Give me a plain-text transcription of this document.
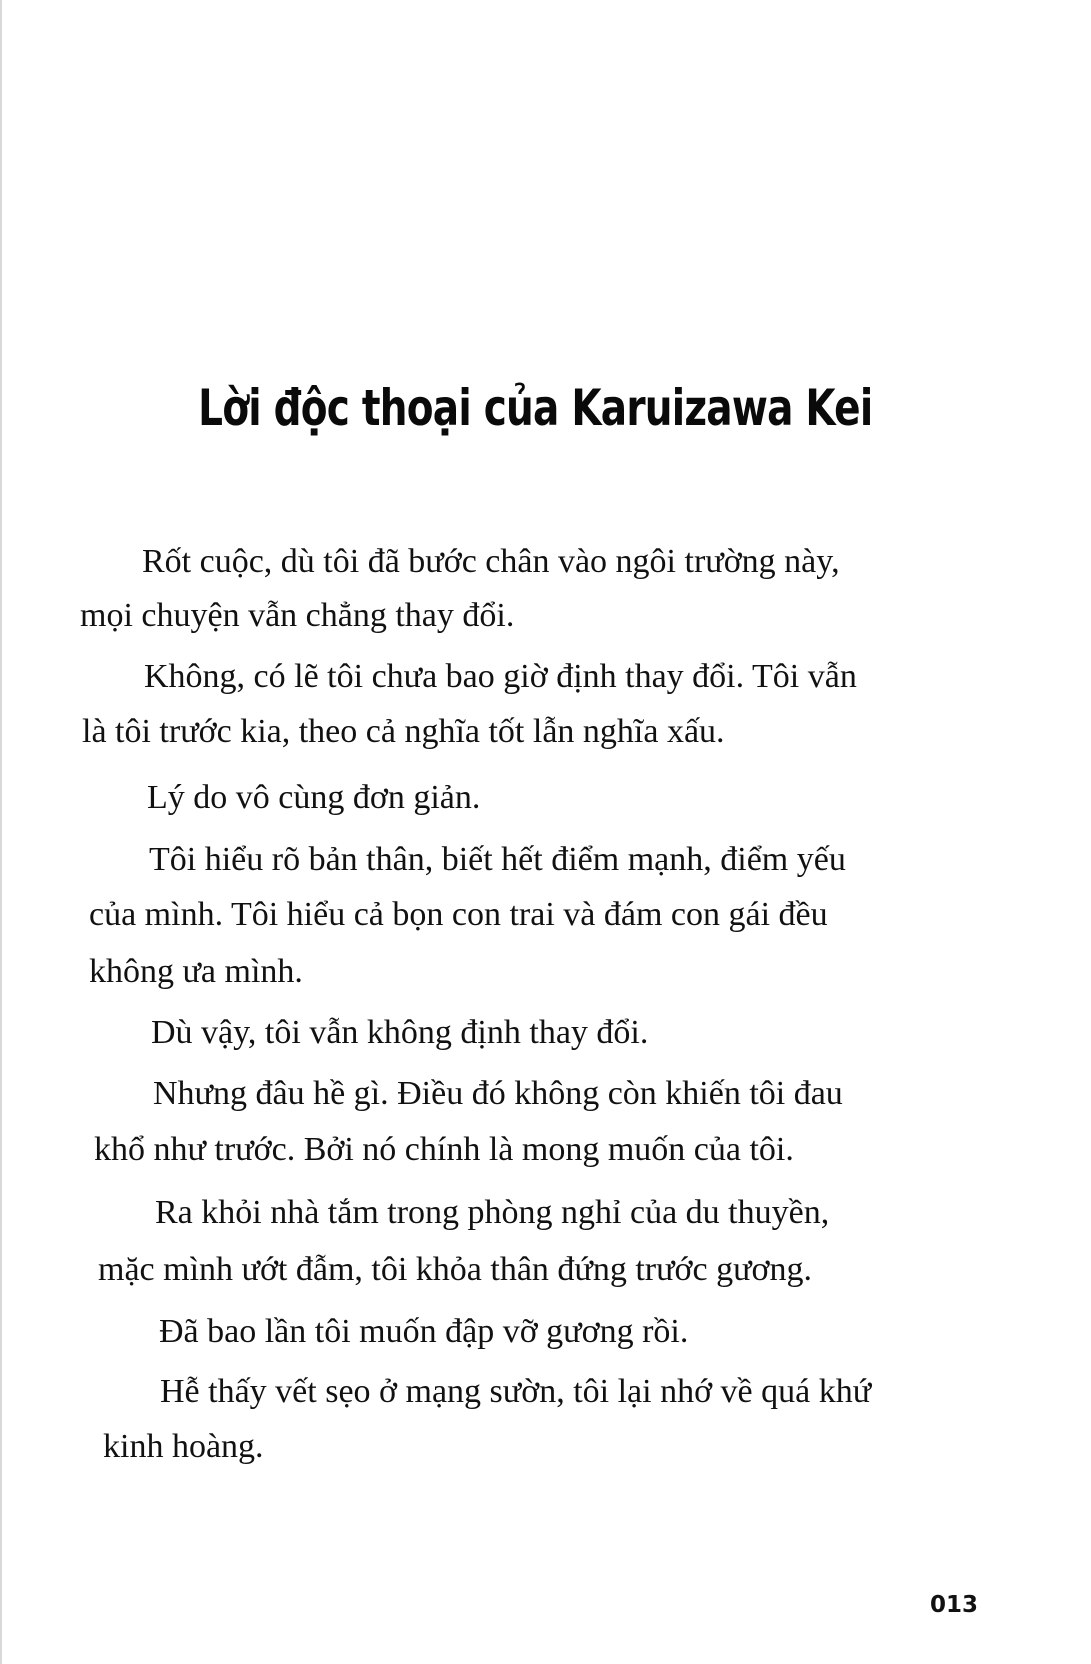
Lời độc thoại của Karuizawa Kei

Rốt cuộc, dù tôi đã bước chân vào ngôi trường này,

mọi chuyện vẫn chẳng thay đổi.

Không, có lẽ tôi chưa bao giờ định thay đổi. Tôi vẫn

là tôi trước kia, theo cả nghĩa tốt lẫn nghĩa xấu.

Lý do vô cùng đơn giản.

Tôi hiểu rõ bản thân, biết hết điểm mạnh, điểm yếu

của mình. Tôi hiểu cả bọn con trai và đám con gái đều

không ưa mình.

Dù vậy, tôi vẫn không định thay đổi.

Nhưng đâu hề gì. Điều đó không còn khiến tôi đau

khổ như trước. Bởi nó chính là mong muốn của tôi.

Ra khỏi nhà tắm trong phòng nghỉ của du thuyền,

mặc mình ướt đẫm, tôi khỏa thân đứng trước gương.

Đã bao lần tôi muốn đập vỡ gương rồi.

Hễ thấy vết sẹo ở mạng sườn, tôi lại nhớ về quá khứ

kinh hoàng.

013
